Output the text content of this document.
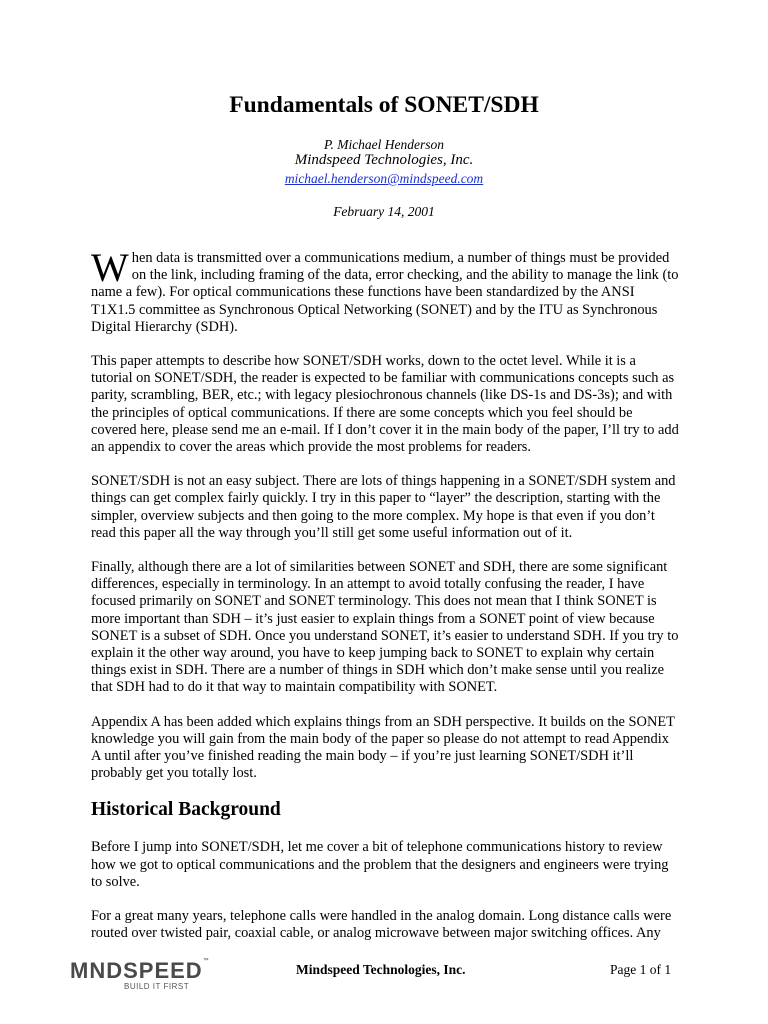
Fundamentals of SONET/SDH

P. Michael Henderson

Mindspeed Technologies, Inc.

michael.henderson@mindspeed.com

February 14, 2001

When data is transmitted over a communications medium, a number of things must be provided on the link, including framing of the data, error checking, and the ability to manage the link (to name a few). For optical communications these functions have been standardized by the ANSI T1X1.5 committee as Synchronous Optical Networking (SONET) and by the ITU as Synchronous Digital Hierarchy (SDH).

This paper attempts to describe how SONET/SDH works, down to the octet level. While it is a tutorial on SONET/SDH, the reader is expected to be familiar with communications concepts such as parity, scrambling, BER, etc.; with legacy plesiochronous channels (like DS-1s and DS-3s); and with the principles of optical communications. If there are some concepts which you feel should be covered here, please send me an e-mail. If I don’t cover it in the main body of the paper, I’ll try to add an appendix to cover the areas which provide the most problems for readers.

SONET/SDH is not an easy subject. There are lots of things happening in a SONET/SDH system and things can get complex fairly quickly. I try in this paper to “layer” the description, starting with the simpler, overview subjects and then going to the more complex. My hope is that even if you don’t read this paper all the way through you’ll still get some useful information out of it.

Finally, although there are a lot of similarities between SONET and SDH, there are some significant differences, especially in terminology. In an attempt to avoid totally confusing the reader, I have focused primarily on SONET and SONET terminology. This does not mean that I think SONET is more important than SDH – it’s just easier to explain things from a SONET point of view because SONET is a subset of SDH. Once you understand SONET, it’s easier to understand SDH. If you try to explain it the other way around, you have to keep jumping back to SONET to explain why certain things exist in SDH. There are a number of things in SDH which don’t make sense until you realize that SDH had to do it that way to maintain compatibility with SONET.

Appendix A has been added which explains things from an SDH perspective. It builds on the SONET knowledge you will gain from the main body of the paper so please do not attempt to read Appendix A until after you’ve finished reading the main body – if you’re just learning SONET/SDH it’ll probably get you totally lost.

Historical Background

Before I jump into SONET/SDH, let me cover a bit of telephone communications history to review how we got to optical communications and the problem that the designers and engineers were trying to solve.

For a great many years, telephone calls were handled in the analog domain. Long distance calls were routed over twisted pair, coaxial cable, or analog microwave between major switching offices. Any

MNDSPEED™
BUILD IT FIRST
Mindspeed Technologies, Inc.	Page 1 of 1
